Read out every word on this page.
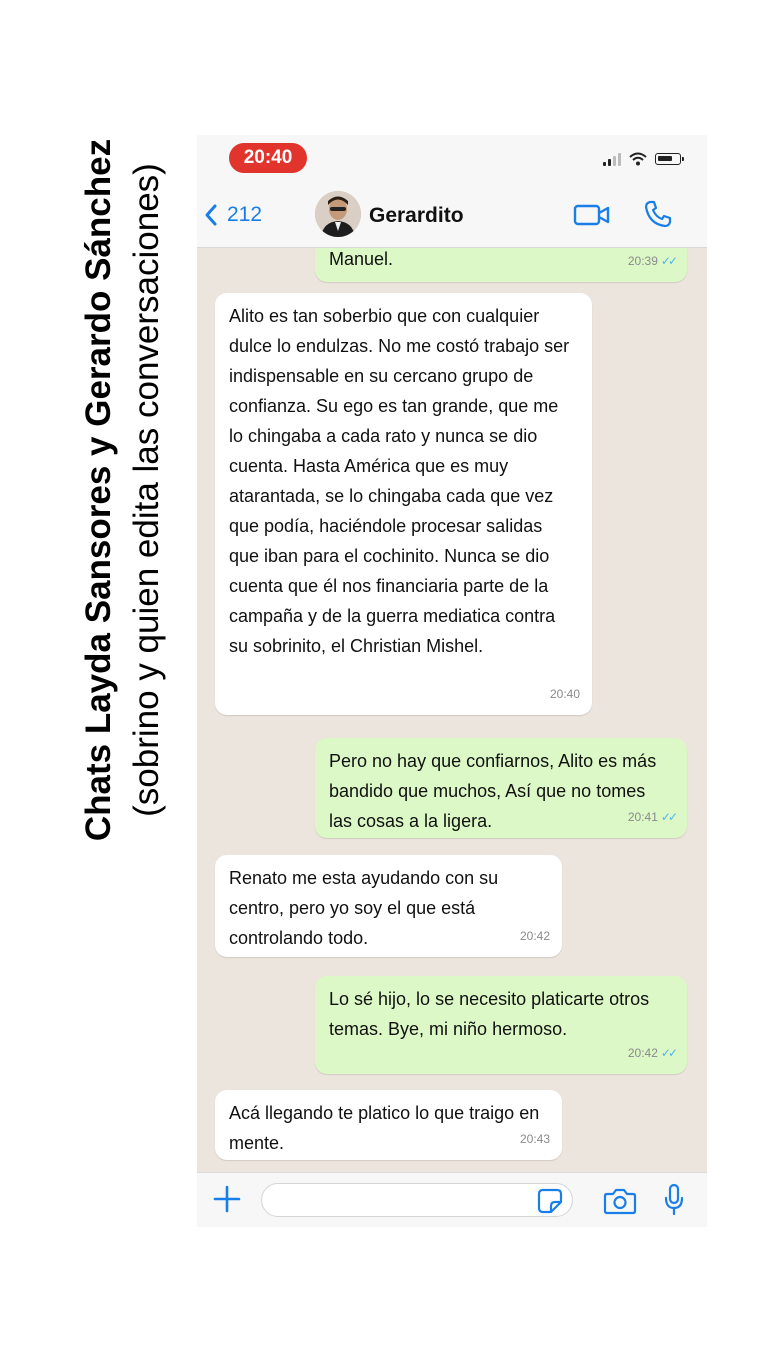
Chats Layda Sansores y Gerardo Sánchez (sobrino y quien edita las conversaciones)
20:40
212	Gerardito
Manuel.	20:39 ✓✓
Alito es tan soberbio que con cualquier dulce lo endulzas. No me costó trabajo ser indispensable en su cercano grupo de confianza. Su ego es tan grande, que me lo chingaba a cada rato y nunca se dio cuenta. Hasta América que es muy atarantada, se lo chingaba cada que vez que podía, haciéndole procesar salidas que iban para el cochinito. Nunca se dio cuenta que él nos financiaria parte de la campaña y de la guerra mediatica contra su sobrinito, el Christian Mishel.
20:40
Pero no hay que confiarnos, Alito es más bandido que muchos, Así que no tomes las cosas a la ligera.	20:41 ✓✓
Renato me esta ayudando con su centro, pero yo soy el que está controlando todo.	20:42
Lo sé hijo, lo se necesito platicarte otros temas. Bye, mi niño hermoso.
20:42 ✓✓
Acá llegando te platico lo que traigo en mente.	20:43
